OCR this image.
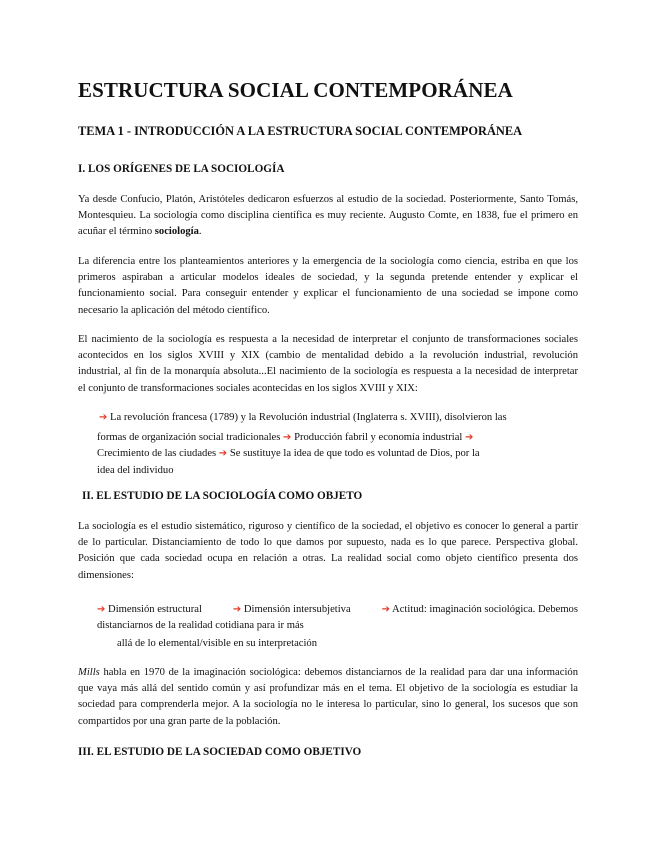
ESTRUCTURA SOCIAL CONTEMPORÁNEA
TEMA 1 - INTRODUCCIÓN A LA ESTRUCTURA SOCIAL CONTEMPORÁNEA
I. LOS ORÍGENES DE LA SOCIOLOGÍA
Ya desde Confucio, Platón, Aristóteles dedicaron esfuerzos al estudio de la sociedad. Posteriormente, Santo Tomás,
Montesquieu. La sociología como disciplina científica es muy reciente. Augusto Comte, en 1838, fue el primero en
acuñar el término sociología.
La diferencia entre los planteamientos anteriores y la emergencia de la sociología como ciencia, estriba en que los
primeros aspiraban a articular modelos ideales de sociedad, y la segunda pretende entender y explicar el
funcionamiento social. Para conseguir entender y explicar el funcionamiento de una sociedad se impone como
necesario la aplicación del método científico.
El nacimiento de la sociología es respuesta a la necesidad de interpretar el conjunto de transformaciones sociales
acontecidos en los siglos XVIII y XIX (cambio de mentalidad debido a la revolución industrial, revolución
industrial, al fin de la monarquía absoluta...El nacimiento de la sociología es respuesta a la necesidad de interpretar
el conjunto de transformaciones sociales acontecidas en los siglos XVIII y XIX:
➔ La revolución francesa (1789) y la Revolución industrial (Inglaterra s. XVIII), disolvieron las
formas de organización social tradicionales ➔ Producción fabril y economía industrial ➔
Crecimiento de las ciudades ➔ Se sustituye la idea de que todo es voluntad de Dios, por la
idea del individuo
II. EL ESTUDIO DE LA SOCIOLOGÍA COMO OBJETO
La sociología es el estudio sistemático, riguroso y científico de la sociedad, el objetivo es conocer lo general a partir
de lo particular. Distanciamiento de todo lo que damos por supuesto, nada es lo que parece. Perspectiva global.
Posición que cada sociedad ocupa en relación a otras. La realidad social como objeto científico presenta dos
dimensiones:
➔ Dimensión estructural	➔ Dimensión intersubjetiva	➔ Actitud: imaginación sociológica. Debemos
distanciarnos de la realidad cotidiana para ir más
allá de lo elemental/visible en su interpretación
Mills habla en 1970 de la imaginación sociológica: debemos distanciarnos de la realidad para dar una información
que vaya más allá del sentido común y así profundizar más en el tema. El objetivo de la sociología es estudiar la
sociedad para comprenderla mejor. A la sociología no le interesa lo particular, sino lo general, los sucesos que son
compartidos por una gran parte de la población.
III. EL ESTUDIO DE LA SOCIEDAD COMO OBJETIVO
